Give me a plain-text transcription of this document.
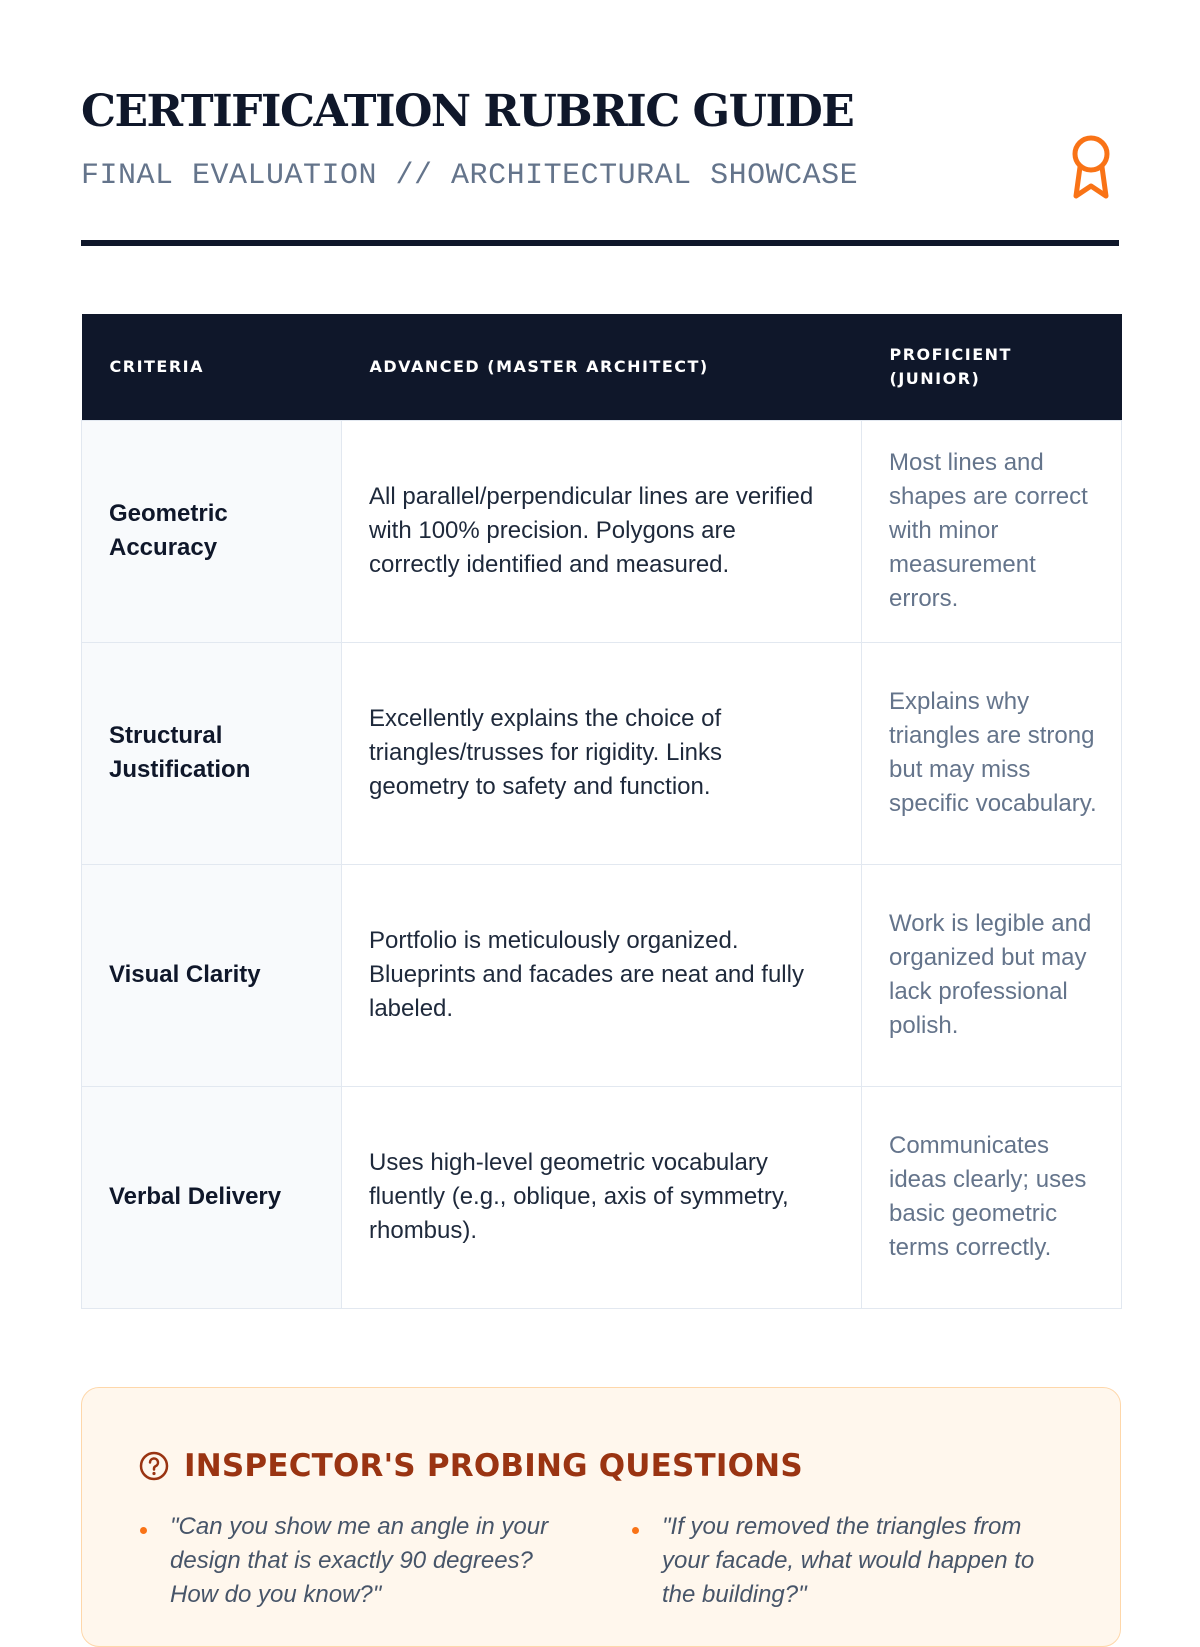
CERTIFICATION RUBRIC GUIDE
FINAL EVALUATION // ARCHITECTURAL SHOWCASE
CRITERIA	ADVANCED (MASTER ARCHITECT)	PROFICIENT (JUNIOR)
Geometric Accuracy	All parallel/perpendicular lines are verified with 100% precision. Polygons are correctly identified and measured.	Most lines and shapes are correct with minor measurement errors.
Structural Justification	Excellently explains the choice of triangles/trusses for rigidity. Links geometry to safety and function.	Explains why triangles are strong but may miss specific vocabulary.
Visual Clarity	Portfolio is meticulously organized. Blueprints and facades are neat and fully labeled.	Work is legible and organized but may lack professional polish.
Verbal Delivery	Uses high-level geometric vocabulary fluently (e.g., oblique, axis of symmetry, rhombus).	Communicates ideas clearly; uses basic geometric terms correctly.
INSPECTOR'S PROBING QUESTIONS
"Can you show me an angle in your design that is exactly 90 degrees? How do you know?"
"If you removed the triangles from your facade, what would happen to the building?"
